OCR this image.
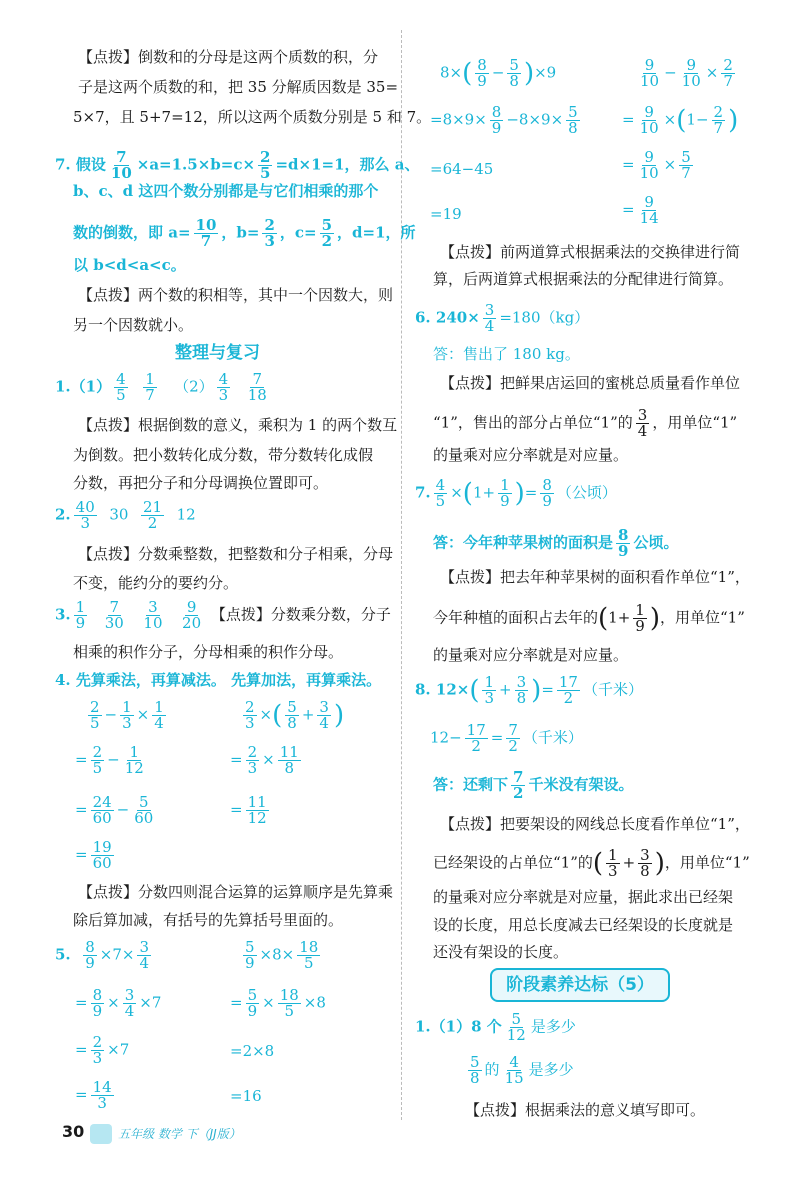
【点拨】倒数和的分母是这两个质数的积，分
子是这两个质数的和，把 35 分解质因数是 35=
5×7，且 5+7=12，所以这两个质数分别是 5 和 7。
7. 假设 $\frac{7}{10} \times a=1.5\times b=c\times \frac{2}{5} =d\times 1=1$，那么 a、
b、c、d 这四个数分别都是与它们相乘的那个
数的倒数，即 $a= \frac{10}{7}$ ，$b= \frac{2}{3}$ ，$c= \frac{5}{2}$ ，d=1，所
以 b<d<a<c。
【点拨】两个数的积相等，其中一个因数大，则
另一个因数就小。
整理与复习
$1.(1) \frac{4}{5}$
$\frac{1}{7} (2) \frac{4}{3}$
$\frac{7}{18}$
【点拨】根据倒数的意义，乘积为 1 的两个数互
为倒数。把小数转化成分数，带分数转化成假
分数，再把分子和分母调换位置即可。
2. $\frac{40}{3} 30 \frac{21}{2} 12$
【点拨】分数乘整数，把整数和分子相乘，分母
不变，能约分的要约分。
3. $\frac{1}{9}$
$\frac{7}{30}$
$\frac{3}{10}$
$\frac{9}{20}$ 【点拨】分数乘分数，分子
相乘的积作分子，分母相乘的积作分母。
4. 先算乘法，再算减法。 先算加法，再算乘法。
$\frac{2}{5} - \frac{1}{3} \times \frac{1}{4}$
= $\frac{2}{5} - \frac{1}{12}$
= $\frac{24}{60} - \frac{5}{60}$
= $\frac{19}{60}$
$\frac{2}{3}$ ×( $\frac{5}{8} + \frac{3}{4}$ )
= $\frac{2}{3} \times \frac{11}{8}$
= $\frac{11}{12}$
【点拨】分数四则混合运算的运算顺序是先算乘
除后算加减，有括号的先算括号里面的。
5. $\frac{8}{9} \times 7\times \frac{3}{4}$
= $\frac{8}{9} \times \frac{3}{4} \times 7$
= $\frac{2}{3} \times 7$
= $\frac{14}{3}$
$\frac{5}{9} \times 8\times \frac{18}{5}$
= $\frac{5}{9} \times \frac{18}{5} \times 8$
=2×8
=16
$8\times( \frac{8}{9} - \frac{5}{8} )\times 9$
$=8\times 9\times \frac{8}{9} -8\times 9\times \frac{5}{8}$
=64−45
=19
$\frac{9}{10} - \frac{9}{10} \times \frac{2}{7}$
= $\frac{9}{10} \times(1- \frac{2}{7}$ )
= $\frac{9}{10} \times \frac{5}{7}$
= $\frac{9}{14}$
【点拨】前两道算式根据乘法的交换律进行简
算，后两道算式根据乘法的分配律进行简算。
6. $240\times \frac{3}{4} =180(kg)$
答：售出了 180 kg。
【点拨】把鲜果店运回的蜜桃总质量看作单位
“1”，售出的部分占单位“1”的 $\frac{3}{4}$ ，用单位“1”
的量乘对应分率就是对应量。
7. $\frac{4}{5} \times(1+ \frac{1}{9}$ )= $\frac{8}{9}$ （公顷）
答：今年种苹果树的面积是 $\frac{8}{9}$ 公顷。
【点拨】把去年种苹果树的面积看作单位“1”，
今年种植的面积占去年的($1+ \frac{1}{9}$ )，用单位“1”
的量乘对应分率就是对应量。
8. $12\times( \frac{1}{3} + \frac{3}{8}$ )= $\frac{17}{2}$ （千米）
$12- \frac{17}{2} = \frac{7}{2}$ （千米）
答：还剩下 $\frac{7}{2}$ 千米没有架设。
【点拨】把要架设的网线总长度看作单位“1”，
已经架设的占单位“1”的( $\frac{1}{3} + \frac{3}{8}$ )，用单位“1”
的量乘对应分率就是对应量，据此求出已经架
设的长度，用总长度减去已经架设的长度就是
还没有架设的长度。
阶段素养达标（5）
1.（1）8 个 $\frac{5}{12}$ 是多少
$\frac{5}{8}$ 的 $\frac{4}{15}$ 是多少
【点拨】根据乘法的意义填写即可。
30	五年级 数学 下（JJ版）
